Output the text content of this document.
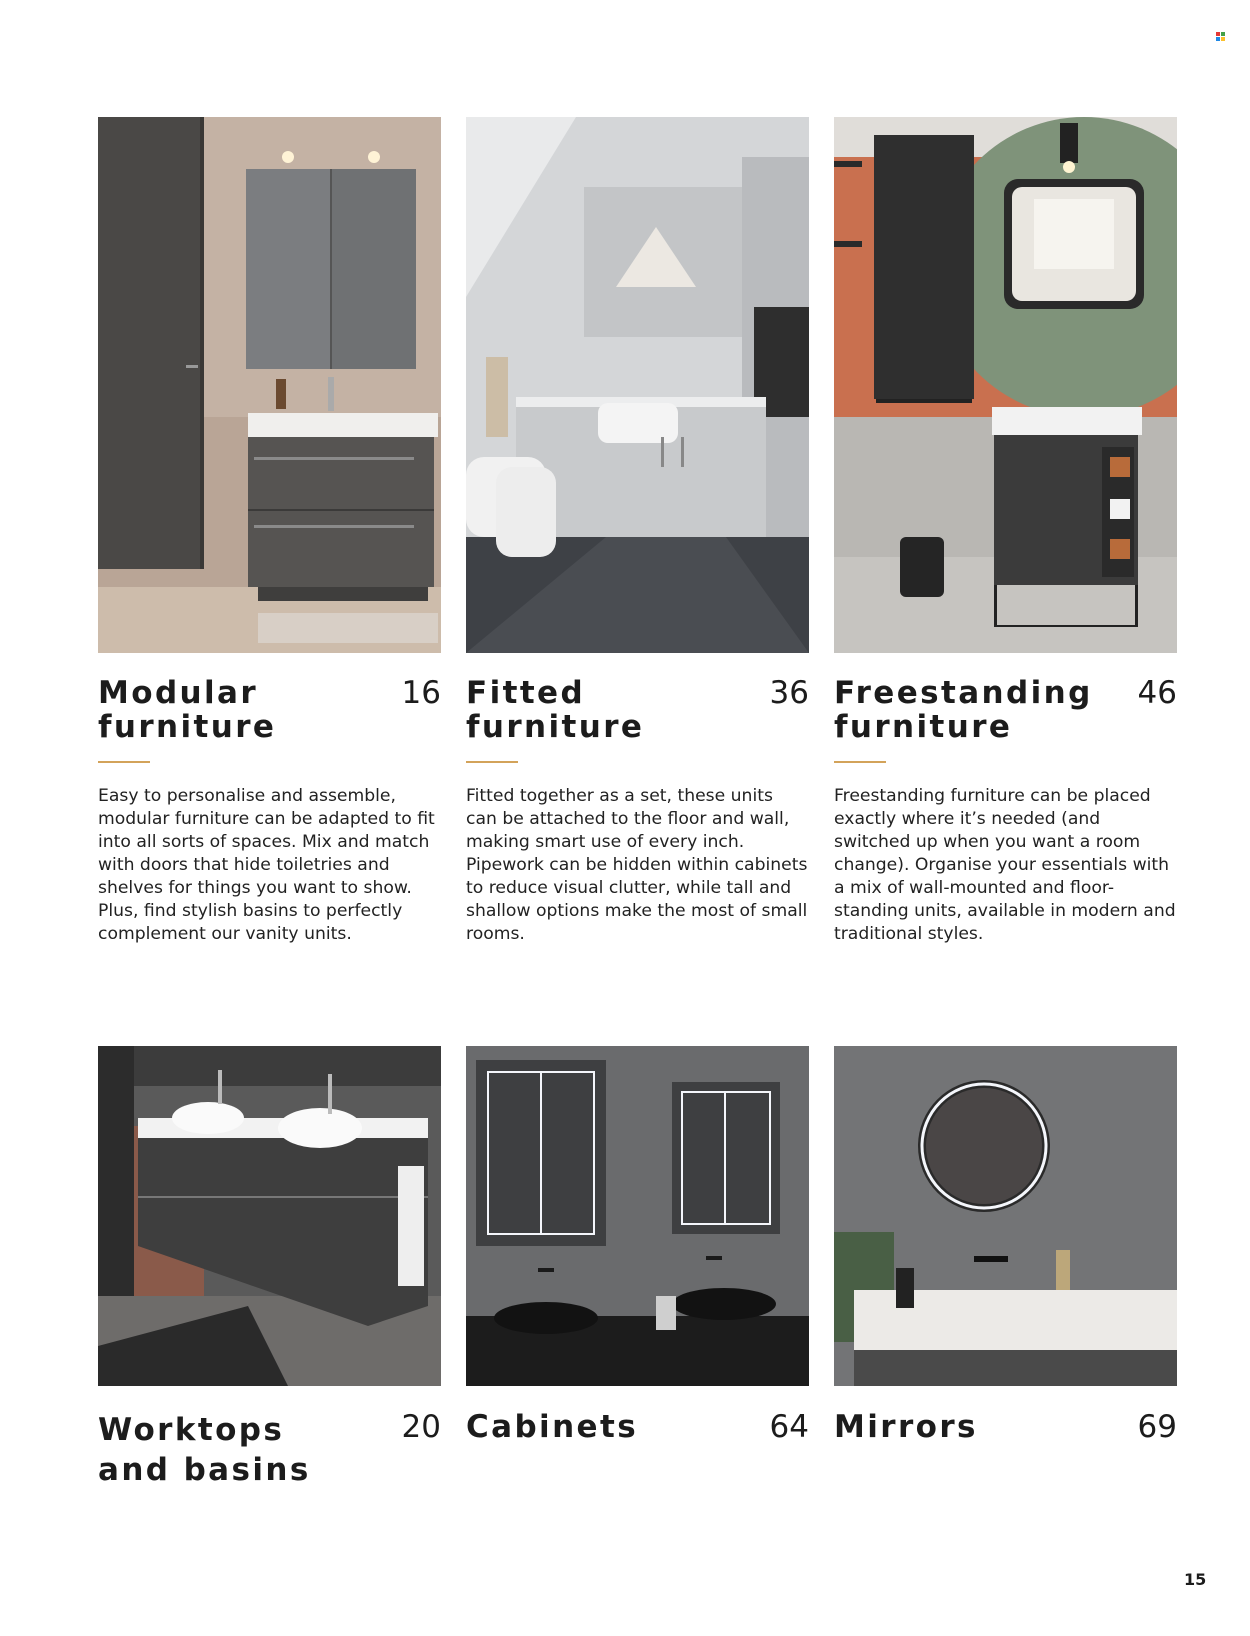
Modular
furniture
16
Easy to personalise and assemble, modular furniture can be adapted to fit into all sorts of spaces. Mix and match with doors that hide toiletries and shelves for things you want to show. Plus, find stylish basins to perfectly complement our vanity units.
Fitted
furniture
36
Fitted together as a set, these units can be attached to the floor and wall, making smart use of every inch. Pipework can be hidden within cabinets to reduce visual clutter, while tall and shallow options make the most of small rooms.
Freestanding
furniture
46
Freestanding furniture can be placed exactly where it’s needed (and switched up when you want a room change). Organise your essentials with a mix of wall-mounted and floor-standing units, available in modern and traditional styles.
Worktops
and basins
20 Cabinets	64 Mirrors	69
15
